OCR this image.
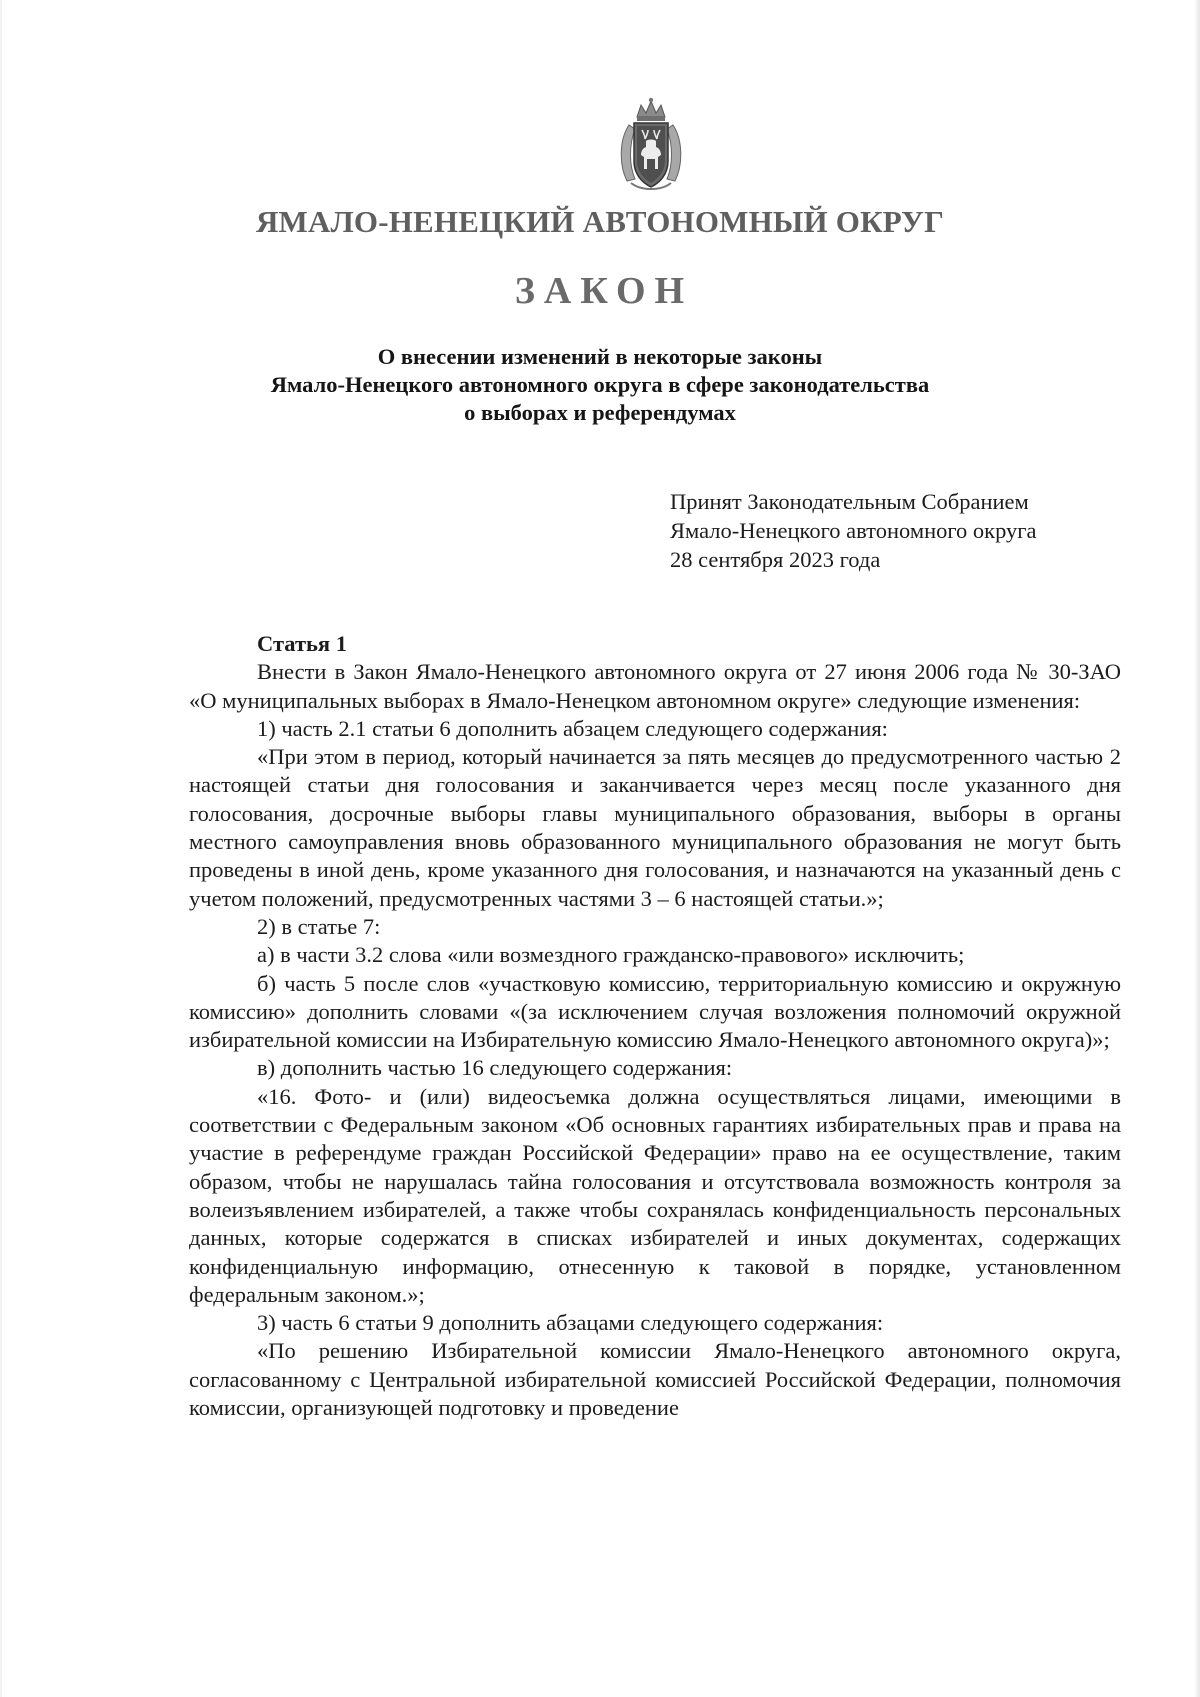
ЯМАЛО-НЕНЕЦКИЙ АВТОНОМНЫЙ ОКРУГ
ЗАКОН
О внесении изменений в некоторые законы
Ямало-Ненецкого автономного округа в сфере законодательства
о выборах и референдумах
Принят Законодательным Собранием
Ямало-Ненецкого автономного округа
28 сентября 2023 года
Статья 1

Внести в Закон Ямало-Ненецкого автономного округа от 27 июня 2006 года № 30-ЗАО «О муниципальных выборах в Ямало-Ненецком автономном округе» следующие изменения:

1) часть 2.1 статьи 6 дополнить абзацем следующего содержания:

«При этом в период, который начинается за пять месяцев до предусмотренного частью 2 настоящей статьи дня голосования и заканчивается через месяц после указанного дня голосования, досрочные выборы главы муниципального образования, выборы в органы местного самоуправления вновь образованного муниципального образования не могут быть проведены в иной день, кроме указанного дня голосования, и назначаются на указанный день с учетом положений, предусмотренных частями 3 – 6 настоящей статьи.»;

2) в статье 7:

а) в части 3.2 слова «или возмездного гражданско-правового» исключить;

б) часть 5 после слов «участковую комиссию, территориальную комиссию и окружную комиссию» дополнить словами «(за исключением случая возложения полномочий окружной избирательной комиссии на Избирательную комиссию Ямало-Ненецкого автономного округа)»;

в) дополнить частью 16 следующего содержания:

«16. Фото- и (или) видеосъемка должна осуществляться лицами, имеющими в соответствии с Федеральным законом «Об основных гарантиях избирательных прав и права на участие в референдуме граждан Российской Федерации» право на ее осуществление, таким образом, чтобы не нарушалась тайна голосования и отсутствовала возможность контроля за волеизъявлением избирателей, а также чтобы сохранялась конфиденциальность персональных данных, которые содержатся в списках избирателей и иных документах, содержащих конфиденциальную информацию, отнесенную к таковой в порядке, установленном федеральным законом.»;

3) часть 6 статьи 9 дополнить абзацами следующего содержания:

«По решению Избирательной комиссии Ямало-Ненецкого автономного округа, согласованному с Центральной избирательной комиссией Российской Федерации, полномочия комиссии, организующей подготовку и проведение
